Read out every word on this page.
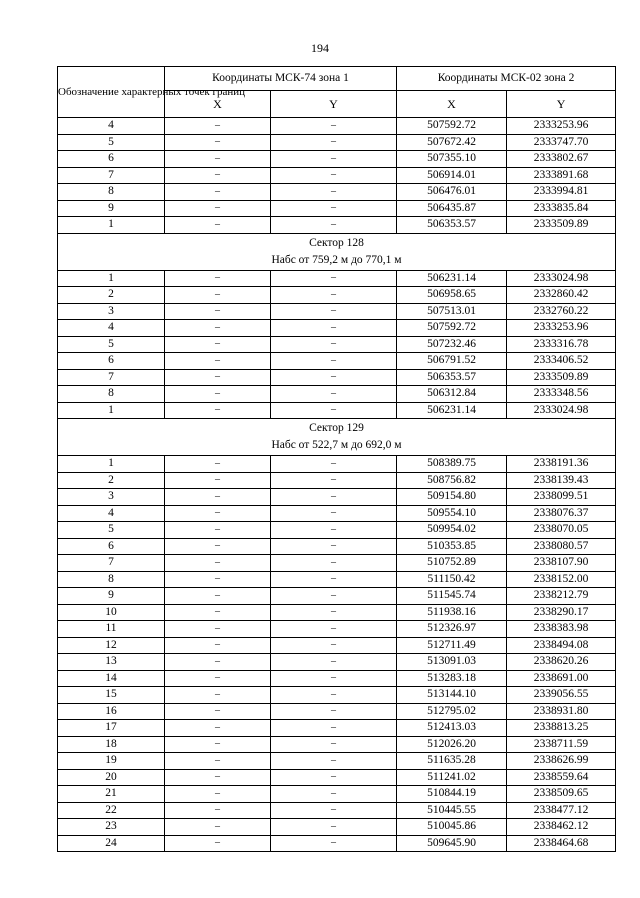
194
Обозначение характерных точек границ	Координаты МСК-74 зона 1		Координаты МСК-02 зона 2	
	X	Y	X	Y
4	–	–	507592.72	2333253.96
5	–	–	507672.42	2333747.70
6	–	–	507355.10	2333802.67
7	–	–	506914.01	2333891.68
8	–	–	506476.01	2333994.81
9	–	–	506435.87	2333835.84
1	–	–	506353.57	2333509.89

Сектор 128
Набс от 759,2 м до 770,1 м				

1	–	–	506231.14	2333024.98
2	–	–	506958.65	2332860.42
3	–	–	507513.01	2332760.22
4	–	–	507592.72	2333253.96
5	–	–	507232.46	2333316.78
6	–	–	506791.52	2333406.52
7	–	–	506353.57	2333509.89
8	–	–	506312.84	2333348.56
1	–	–	506231.14	2333024.98

Сектор 129
Набс от 522,7 м до 692,0 м				

1	–	–	508389.75	2338191.36
2	–	–	508756.82	2338139.43
3	–	–	509154.80	2338099.51
4	–	–	509554.10	2338076.37
5	–	–	509954.02	2338070.05
6	–	–	510353.85	2338080.57
7	–	–	510752.89	2338107.90
8	–	–	511150.42	2338152.00
9	–	–	511545.74	2338212.79
10	–	–	511938.16	2338290.17
11	–	–	512326.97	2338383.98
12	–	–	512711.49	2338494.08
13	–	–	513091.03	2338620.26
14	–	–	513283.18	2338691.00
15	–	–	513144.10	2339056.55
16	–	–	512795.02	2338931.80
17	–	–	512413.03	2338813.25
18	–	–	512026.20	2338711.59
19	–	–	511635.28	2338626.99
20	–	–	511241.02	2338559.64
21	–	–	510844.19	2338509.65
22	–	–	510445.55	2338477.12
23	–	–	510045.86	2338462.12
24	–	–	509645.90	2338464.68
